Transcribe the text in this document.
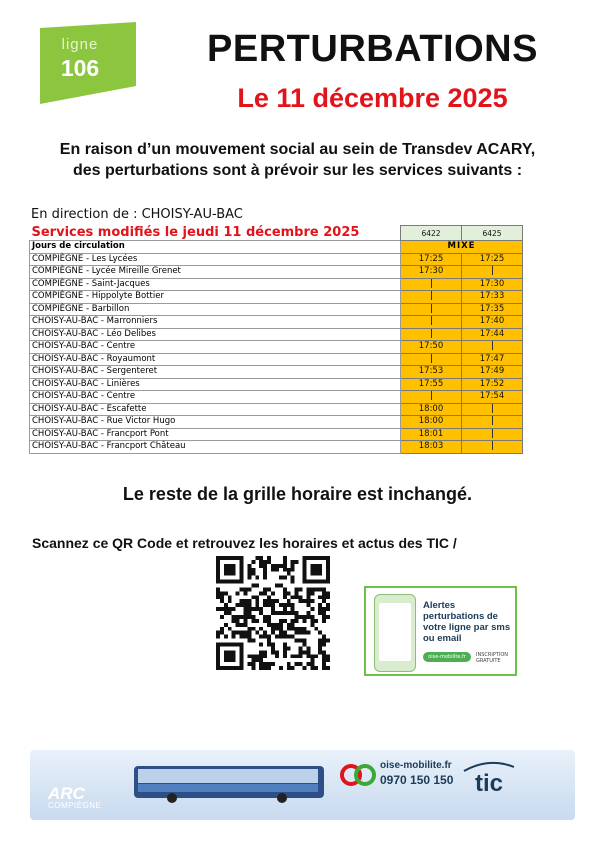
ligne
106	PERTURBATIONS
Le 11 décembre 2025
En raison d’un mouvement social au sein de Transdev ACARY,
des perturbations sont à prévoir sur les services suivants :
En direction de : CHOISY-AU-BAC
Services modifiés le jeudi 11 décembre 2025	6422	6425
Jours de circulation	MIXE	
COMPIÈGNE - Les Lycées	17:25	17:25
COMPIÈGNE - Lycée Mireille Grenet	17:30	
COMPIÈGNE - Saint-Jacques		17:30
COMPIÈGNE - Hippolyte Bottier		17:33
COMPIÈGNE - Barbillon		17:35
CHOISY-AU-BAC - Marronniers		17:40
CHOISY-AU-BAC - Léo Delibes		17:44
CHOISY-AU-BAC - Centre	17:50	
CHOISY-AU-BAC - Royaumont		17:47
CHOISY-AU-BAC - Sergenteret	17:53	17:49
CHOISY-AU-BAC - Linières	17:55	17:52
CHOISY-AU-BAC - Centre		17:54
CHOISY-AU-BAC - Escafette	18:00	
CHOISY-AU-BAC - Rue Victor Hugo	18:00	
CHOISY-AU-BAC - Francport Pont	18:01	
CHOISY-AU-BAC - Francport Château	18:03	
Le reste de la grille horaire est inchangé.
Scannez ce QR Code et retrouvez les horaires et actus des TIC /
Alertes perturbations de votre ligne par sms ou email
oise-mobilite.fr	INSCRIPTION GRATUITE
ARC
COMPIÈGNE
oise-mobilite.fr
0970 150 150 tic
